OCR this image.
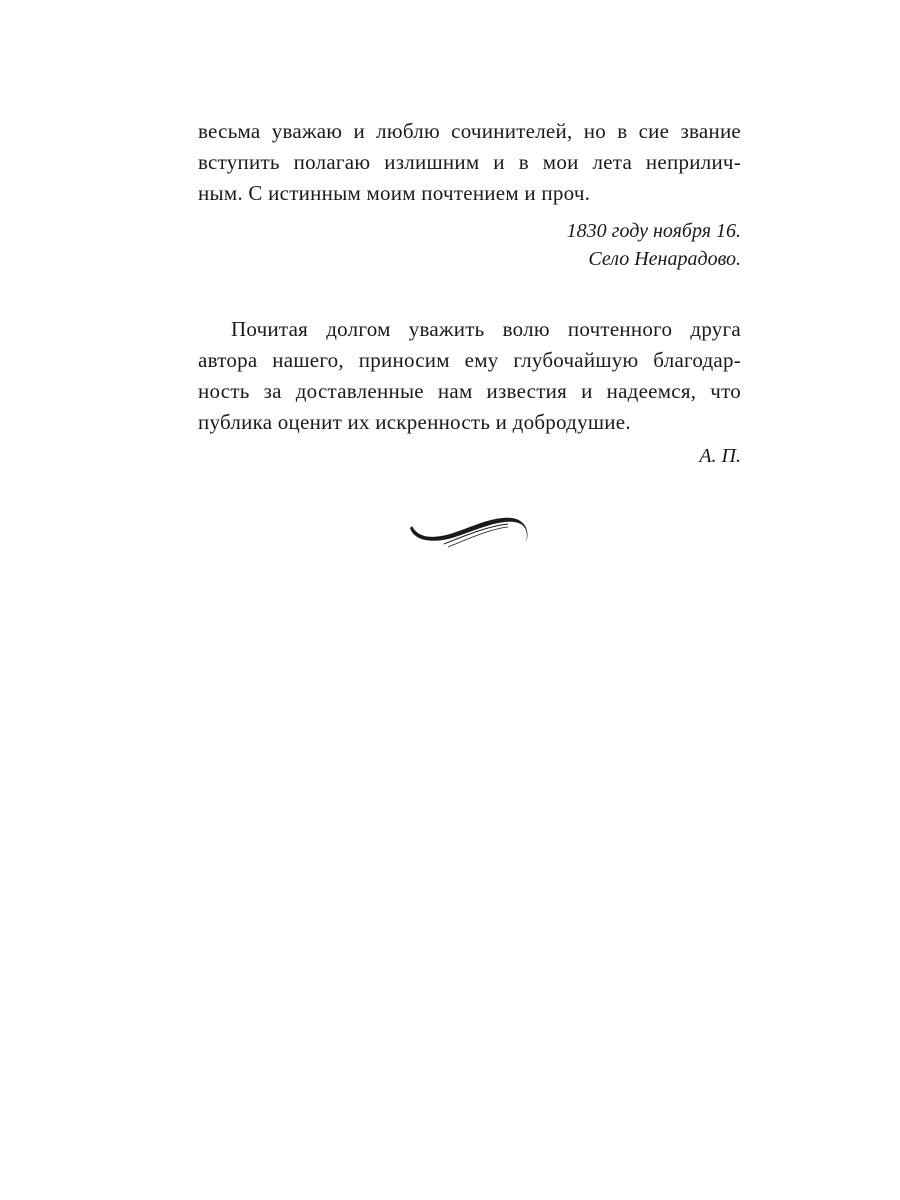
весьма уважаю и люблю сочинителей, но в сие звание
вступить полагаю излишним и в мои лета неприлич-
ным. С истинным моим почтением и проч.

1830 году ноября 16.
Село Ненарадово.

Почитая долгом уважить волю почтенного друга
автора нашего, приносим ему глубочайшую благодар-
ность за доставленные нам известия и надеемся, что
публика оценит их искренность и добродушие.

А. П.
